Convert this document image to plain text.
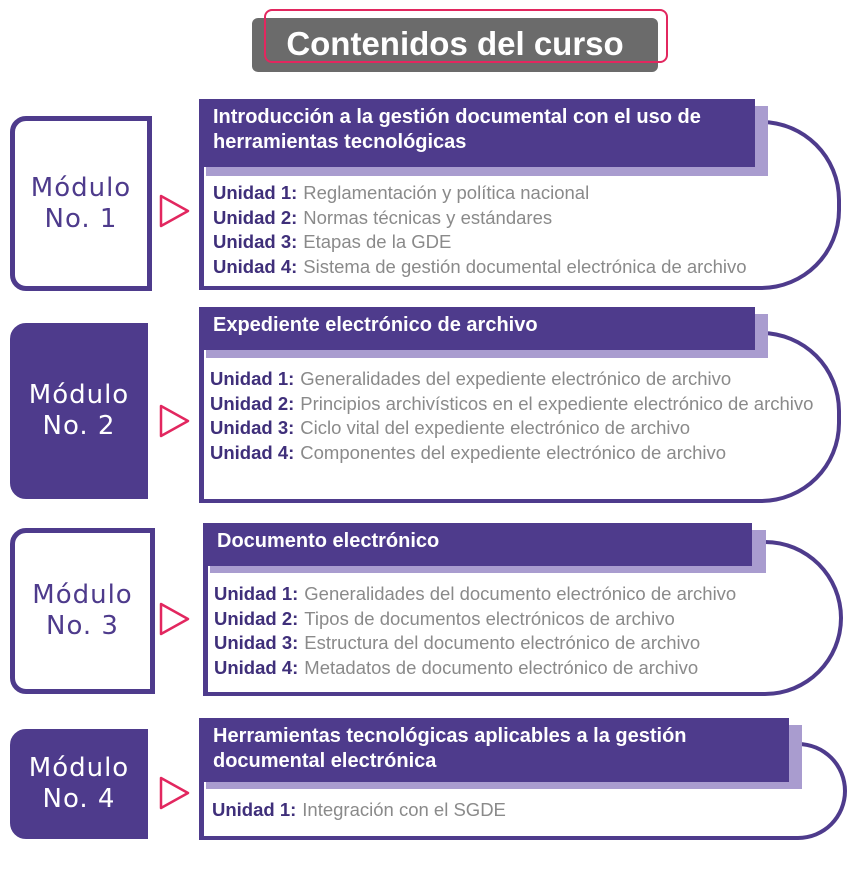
Contenidos del curso
Módulo
No. 1
Introducción a la gestión documental con el uso de herramientas tecnológicas
Unidad 1: Reglamentación y política nacional
Unidad 2: Normas técnicas y estándares
Unidad 3: Etapas de la GDE
Unidad 4: Sistema de gestión documental electrónica de archivo
Módulo
No. 2
Expediente electrónico de archivo
Unidad 1: Generalidades del expediente electrónico de archivo
Unidad 2: Principios archivísticos en el expediente electrónico de archivo
Unidad 3: Ciclo vital del expediente electrónico de archivo
Unidad 4: Componentes del expediente electrónico de archivo
Módulo
No. 3
Documento electrónico
Unidad 1: Generalidades del documento electrónico de archivo
Unidad 2: Tipos de documentos electrónicos de archivo
Unidad 3: Estructura del documento electrónico de archivo
Unidad 4: Metadatos de documento electrónico de archivo
Módulo
No. 4
Herramientas tecnológicas aplicables a la gestión documental electrónica
Unidad 1: Integración con el SGDE
